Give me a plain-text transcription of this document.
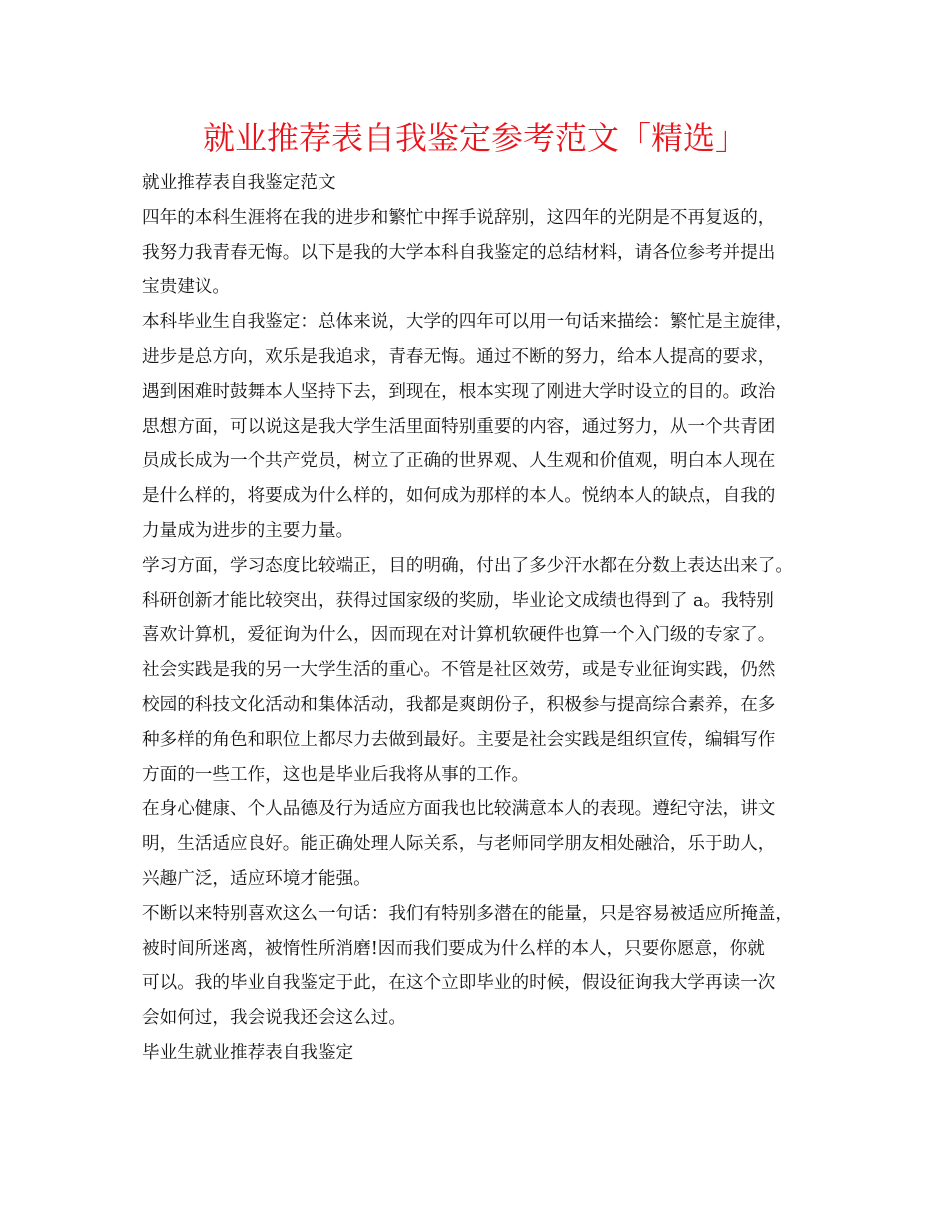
就业推荐表自我鉴定参考范文「精选」
就业推荐表自我鉴定范文
四年的本科生涯将在我的进步和繁忙中挥手说辞别，这四年的光阴是不再复返的，
我努力我青春无悔。以下是我的大学本科自我鉴定的总结材料，请各位参考并提出
宝贵建议。
本科毕业生自我鉴定：总体来说，大学的四年可以用一句话来描绘：繁忙是主旋律，
进步是总方向，欢乐是我追求，青春无悔。通过不断的努力，给本人提高的要求，
遇到困难时鼓舞本人坚持下去，到现在，根本实现了刚进大学时设立的目的。政治
思想方面，可以说这是我大学生活里面特别重要的内容，通过努力，从一个共青团
员成长成为一个共产党员，树立了正确的世界观、人生观和价值观，明白本人现在
是什么样的，将要成为什么样的，如何成为那样的本人。悦纳本人的缺点，自我的
力量成为进步的主要力量。
学习方面，学习态度比较端正，目的明确，付出了多少汗水都在分数上表达出来了。
科研创新才能比较突出，获得过国家级的奖励，毕业论文成绩也得到了 a。我特别
喜欢计算机，爱征询为什么，因而现在对计算机软硬件也算一个入门级的专家了。
社会实践是我的另一大学生活的重心。不管是社区效劳，或是专业征询实践，仍然
校园的科技文化活动和集体活动，我都是爽朗份子，积极参与提高综合素养，在多
种多样的角色和职位上都尽力去做到最好。主要是社会实践是组织宣传，编辑写作
方面的一些工作，这也是毕业后我将从事的工作。
在身心健康、个人品德及行为适应方面我也比较满意本人的表现。遵纪守法，讲文
明，生活适应良好。能正确处理人际关系，与老师同学朋友相处融洽，乐于助人，
兴趣广泛，适应环境才能强。
不断以来特别喜欢这么一句话：我们有特别多潜在的能量，只是容易被适应所掩盖，
被时间所迷离，被惰性所消磨!因而我们要成为什么样的本人，只要你愿意，你就
可以。我的毕业自我鉴定于此，在这个立即毕业的时候，假设征询我大学再读一次
会如何过，我会说我还会这么过。
毕业生就业推荐表自我鉴定
